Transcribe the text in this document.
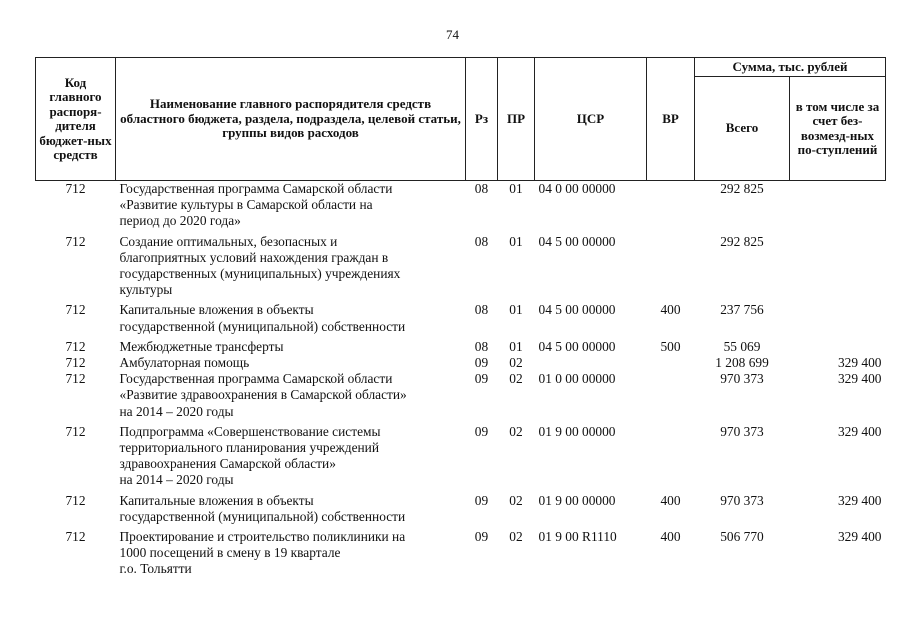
74
Код главного распоря-дителя бюджет-ных средств	Наименование главного распорядителя средств областного бюджета, раздела, подраздела, целевой статьи, группы видов расходов	Рз	ПР	ЦСР	ВР	Сумма, тыс. рублей	
						Всего	в том числе за счет без-возмезд-ных по-ступлений
712	Государственная программа Самарской области
«Развитие культуры в Самарской области на
период до 2020 года»	08	01	04 0 00 00000		292 825	
712	Создание оптимальных, безопасных и
благоприятных условий нахождения граждан в
государственных (муниципальных) учреждениях
культуры	08	01	04 5 00 00000		292 825	
712	Капитальные вложения в объекты
государственной (муниципальной) собственности	08	01	04 5 00 00000	400	237 756	
712	Межбюджетные трансферты	08	01	04 5 00 00000	500	55 069	
712	Амбулаторная помощь	09	02			1 208 699	329 400
712	Государственная программа Самарской области
«Развитие здравоохранения в Самарской области»
на 2014 – 2020 годы	09	02	01 0 00 00000		970 373	329 400
712	Подпрограмма «Совершенствование системы
территориального планирования учреждений
здравоохранения Самарской области»
на 2014 – 2020 годы	09	02	01 9 00 00000		970 373	329 400
712	Капитальные вложения в объекты
государственной (муниципальной) собственности	09	02	01 9 00 00000	400	970 373	329 400
712	Проектирование и строительство поликлиники на
1000 посещений в смену в 19 квартале
г.о. Тольятти	09	02	01 9 00 R1110	400	506 770	329 400
